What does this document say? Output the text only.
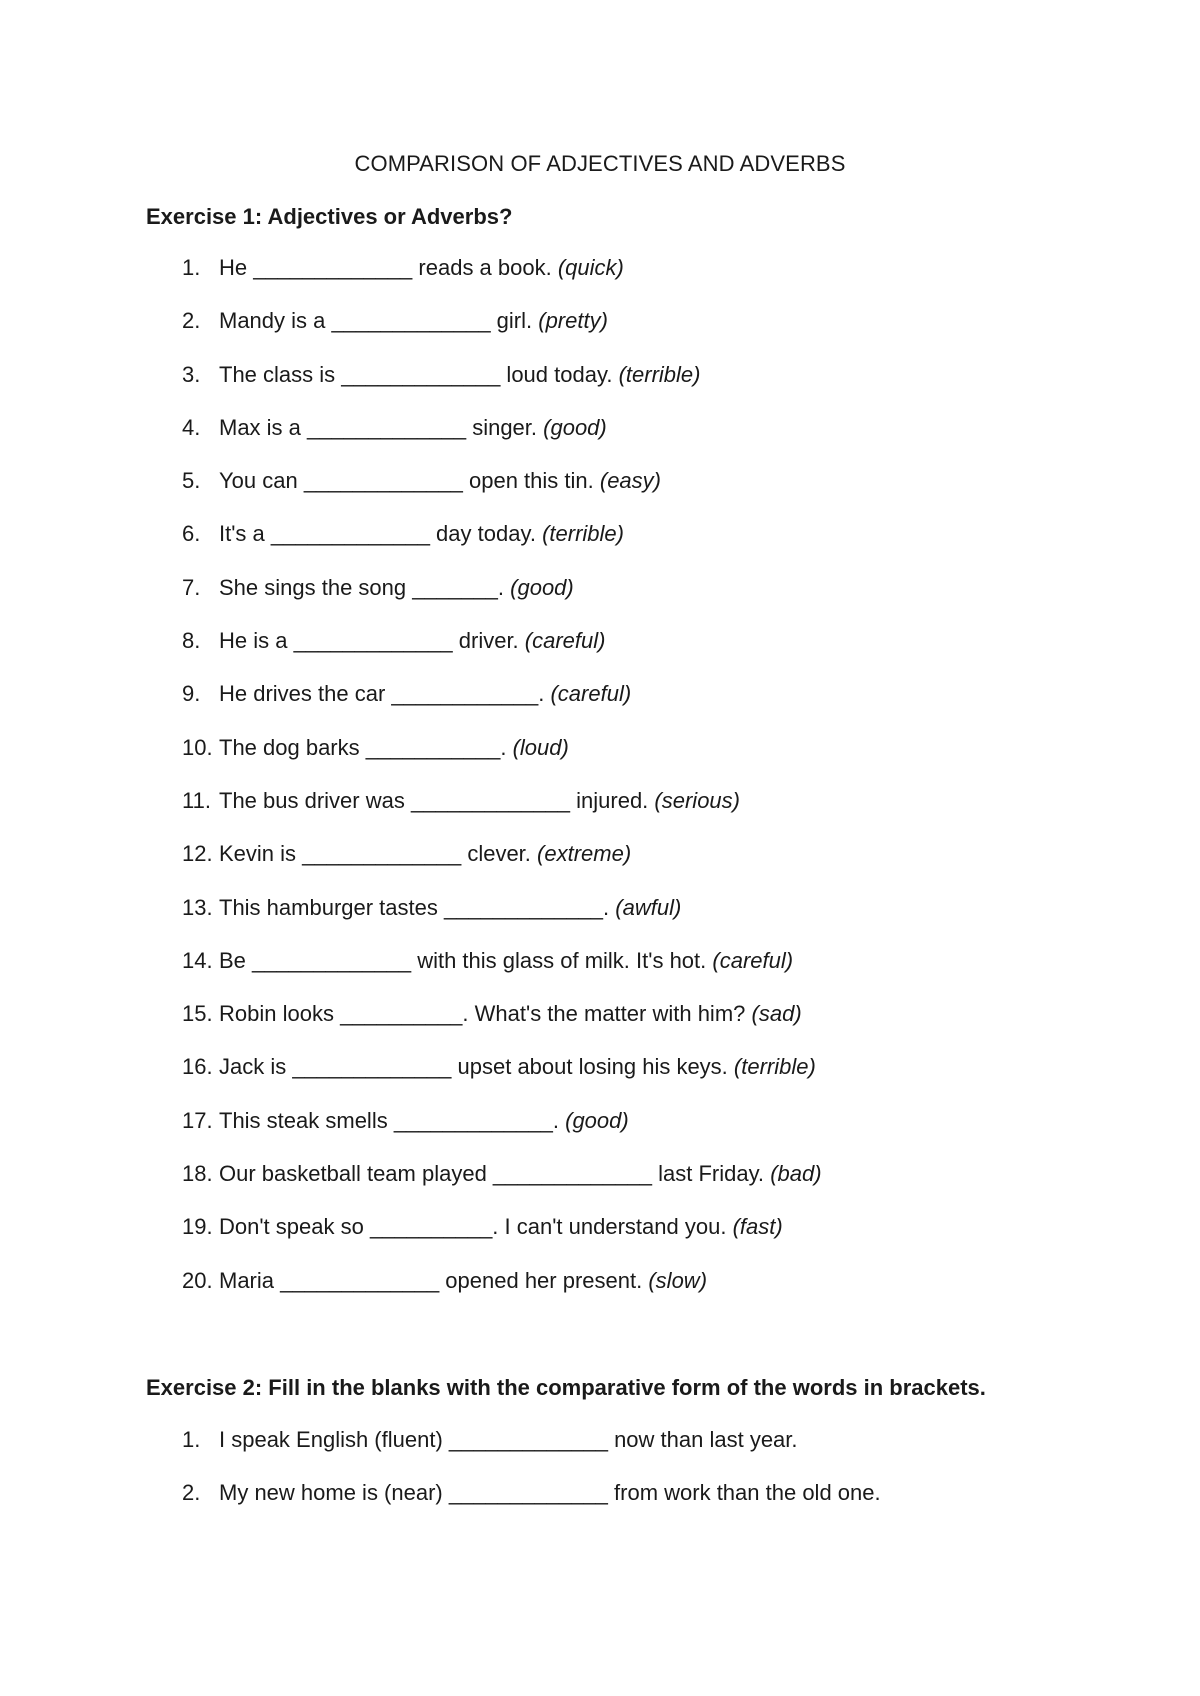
COMPARISON OF ADJECTIVES AND ADVERBS
Exercise 1: Adjectives or Adverbs?
1. He _____________ reads a book. (quick)
2. Mandy is a _____________ girl. (pretty)
3. The class is _____________ loud today. (terrible)
4. Max is a _____________ singer. (good)
5. You can _____________ open this tin. (easy)
6. It's a _____________ day today. (terrible)
7. She sings the song _______. (good)
8. He is a _____________ driver. (careful)
9. He drives the car ____________. (careful)
10. The dog barks ___________. (loud)
11. The bus driver was _____________ injured. (serious)
12. Kevin is _____________ clever. (extreme)
13. This hamburger tastes _____________. (awful)
14. Be _____________ with this glass of milk. It's hot. (careful)
15. Robin looks __________. What's the matter with him? (sad)
16. Jack is _____________ upset about losing his keys. (terrible)
17. This steak smells _____________. (good)
18. Our basketball team played _____________ last Friday. (bad)
19. Don't speak so __________. I can't understand you. (fast)
20. Maria _____________ opened her present. (slow)
Exercise 2: Fill in the blanks with the comparative form of the words in brackets.
1. I speak English (fluent) _____________ now than last year.
2. My new home is (near) _____________ from work than the old one.
